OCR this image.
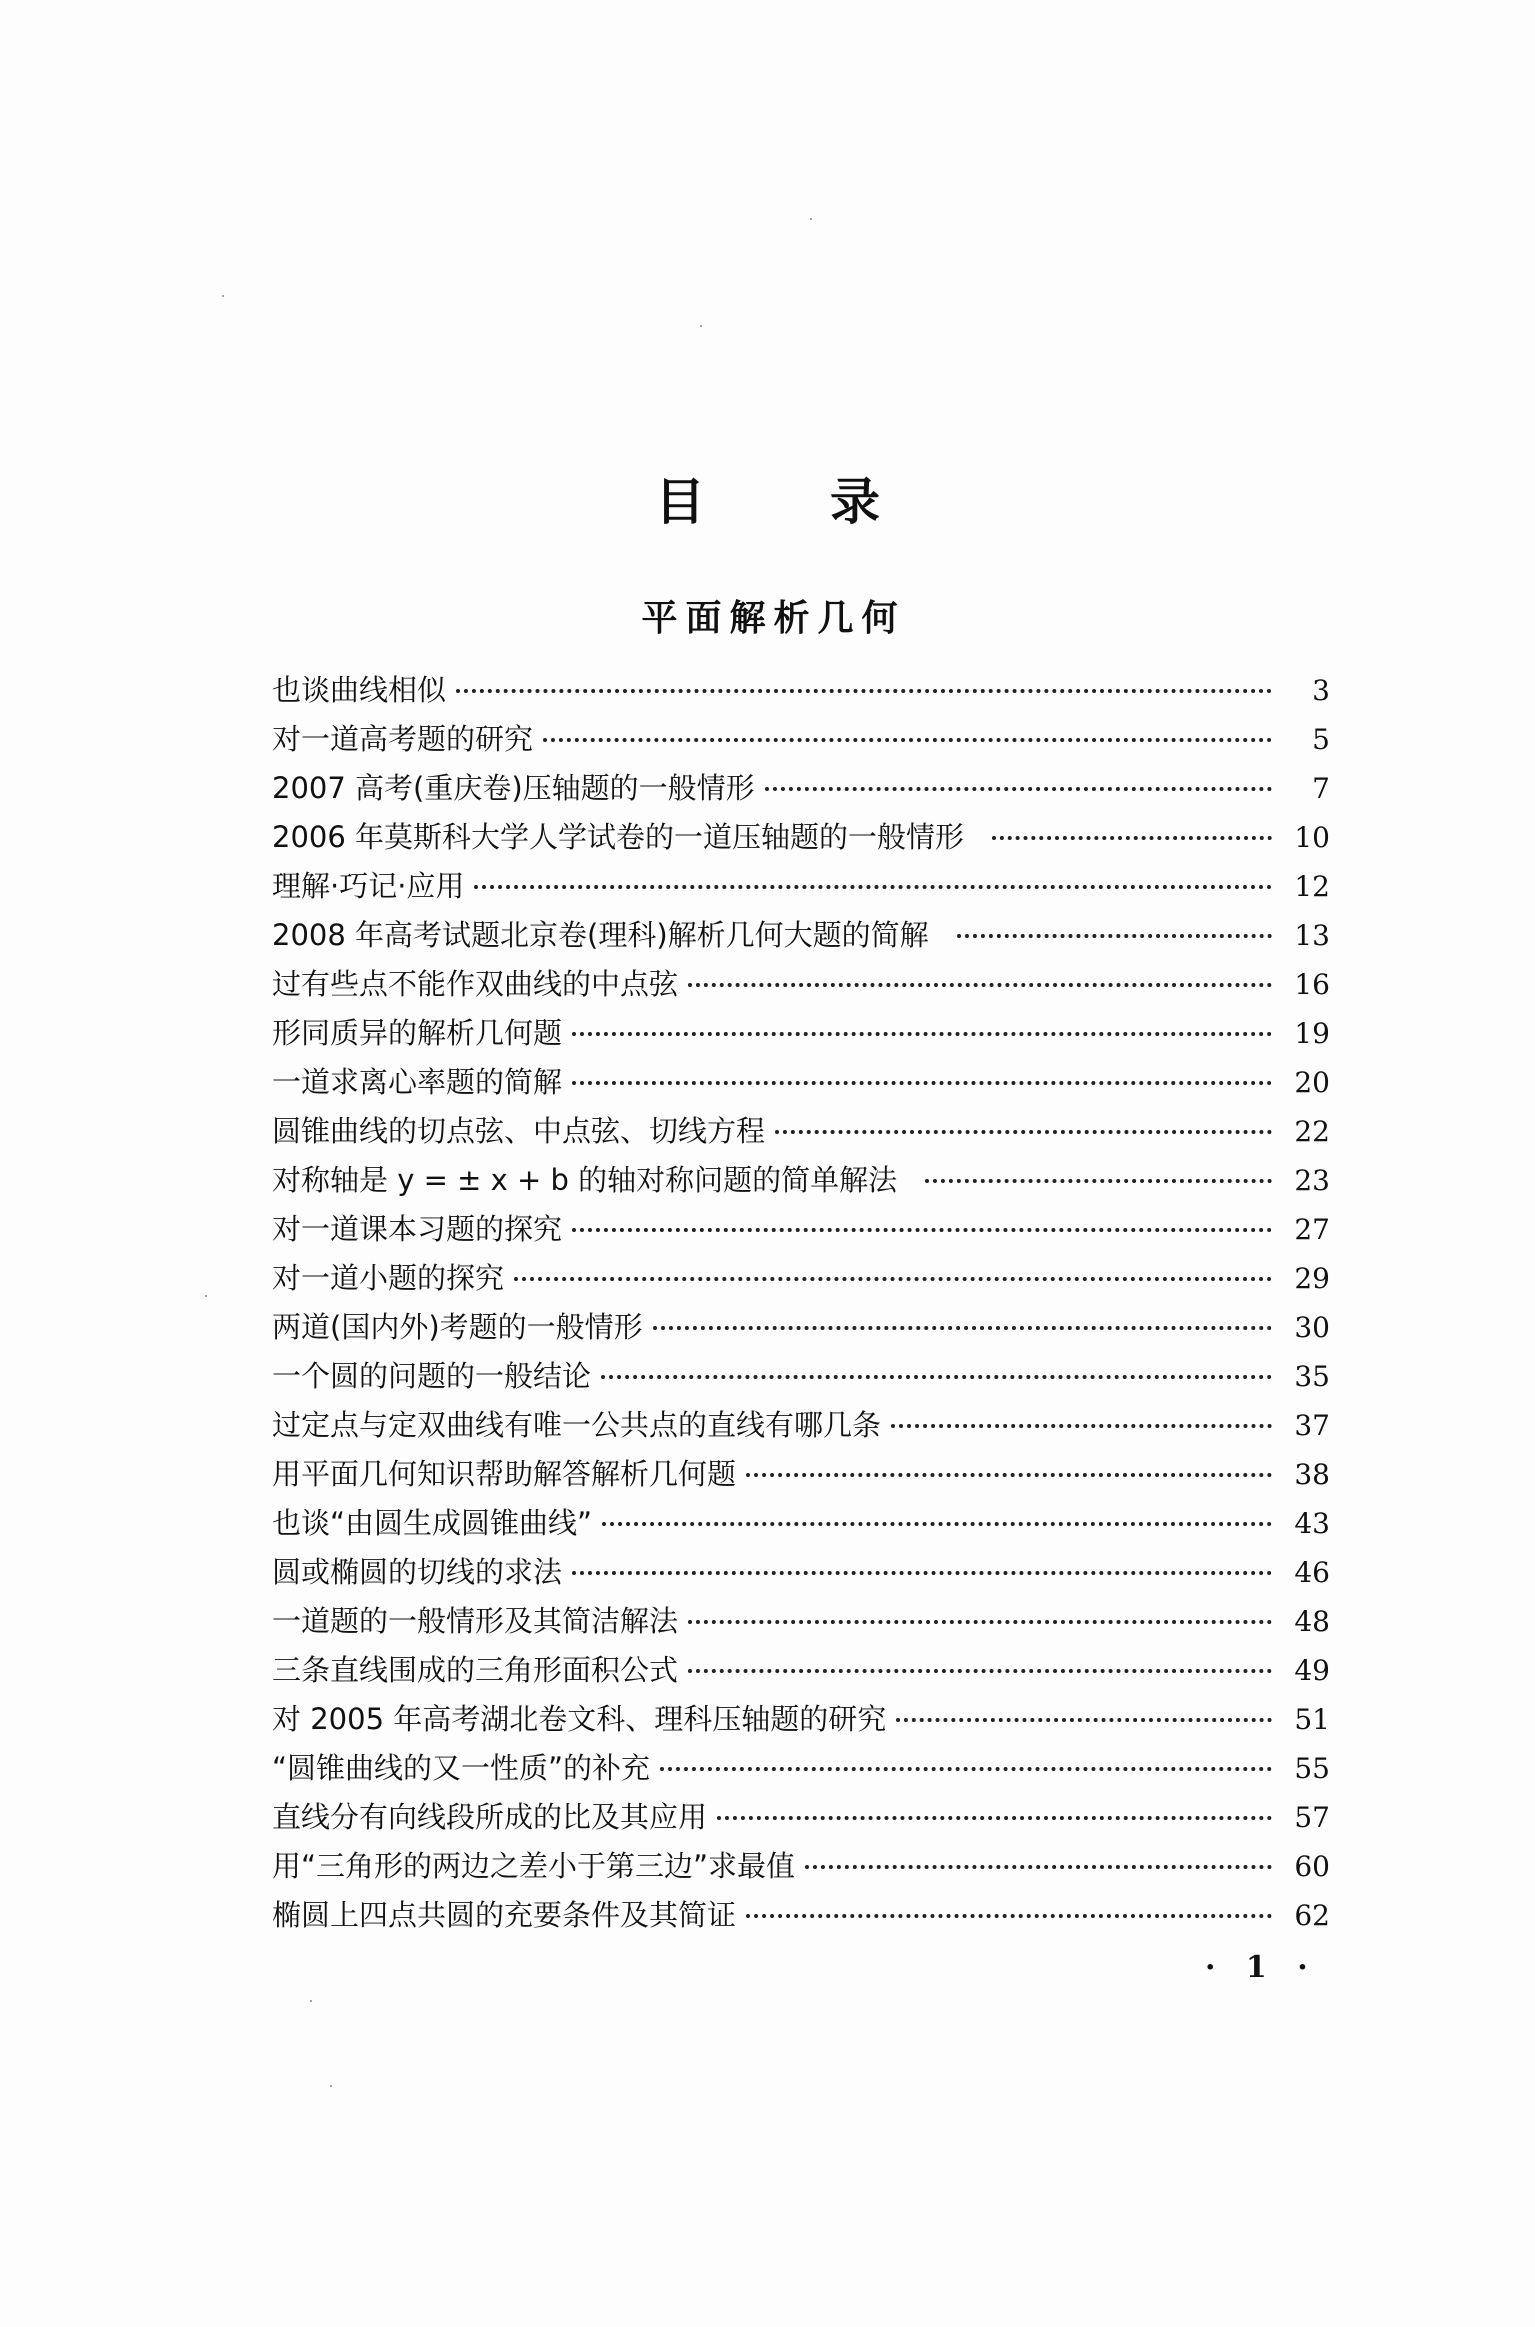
目	录
平面解析几何
也谈曲线相似	3
对一道高考题的研究	5
2007 高考(重庆卷)压轴题的一般情形	7
2006 年莫斯科大学人学试卷的一道压轴题的一般情形	10
理解·巧记·应用	12
2008 年高考试题北京卷(理科)解析几何大题的简解	13
过有些点不能作双曲线的中点弦	16
形同质异的解析几何题	19
一道求离心率题的简解	20
圆锥曲线的切点弦、中点弦、切线方程	22
对称轴是 y = ± x + b 的轴对称问题的简单解法	23
对一道课本习题的探究	27
对一道小题的探究	29
两道(国内外)考题的一般情形	30
一个圆的问题的一般结论	35
过定点与定双曲线有唯一公共点的直线有哪几条	37
用平面几何知识帮助解答解析几何题	38
也谈“由圆生成圆锥曲线”	43
圆或椭圆的切线的求法	46
一道题的一般情形及其简洁解法	48
三条直线围成的三角形面积公式	49
对 2005 年高考湖北卷文科、理科压轴题的研究	51
“圆锥曲线的又一性质”的补充	55
直线分有向线段所成的比及其应用	57
用“三角形的两边之差小于第三边”求最值	60
椭圆上四点共圆的充要条件及其简证	62
· 1 ·
